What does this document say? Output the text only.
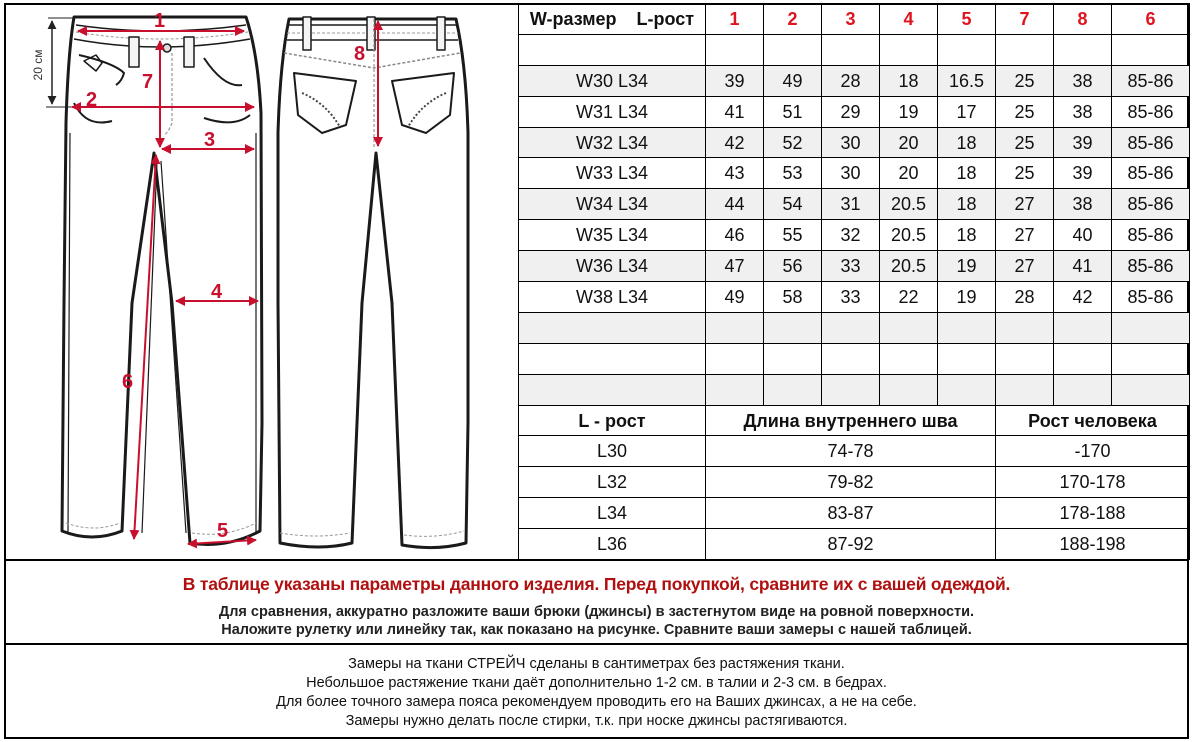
20 см
1
2
3
4
5
6
7
8
W-размер    L-рост	1	2	3	4	5	7	8	6

W30 L34	39	49	28	18	16.5	25	38	85-86
W31 L34	41	51	29	19	17	25	38	85-86
W32 L34	42	52	30	20	18	25	39	85-86
W33 L34	43	53	30	20	18	25	39	85-86
W34 L34	44	54	31	20.5	18	27	38	85-86
W35 L34	46	55	32	20.5	18	27	40	85-86
W36 L34	47	56	33	20.5	19	27	41	85-86
W38 L34	49	58	33	22	19	28	42	85-86

L - рост	Длина внутреннего шва					Рост человека		
L30	74-78					-170		
L32	79-82					170-178		
L34	83-87					178-188		
L36	87-92					188-198		
В таблице указаны параметры данного изделия. Перед покупкой, сравните их с вашей одеждой.
Для сравнения, аккуратно разложите ваши брюки (джинсы) в застегнутом виде на ровной поверхности.
Наложите рулетку или линейку так, как показано на рисунке. Сравните ваши замеры с нашей таблицей.
Замеры на ткани СТРЕЙЧ сделаны в сантиметрах без растяжения ткани.
Небольшое растяжение ткани даёт дополнительно 1-2 см. в талии и 2-3 см. в бедрах.
Для более точного замера пояса рекомендуем проводить его на Ваших джинсах, а не на себе.
Замеры нужно делать после стирки, т.к. при носке джинсы растягиваются.
